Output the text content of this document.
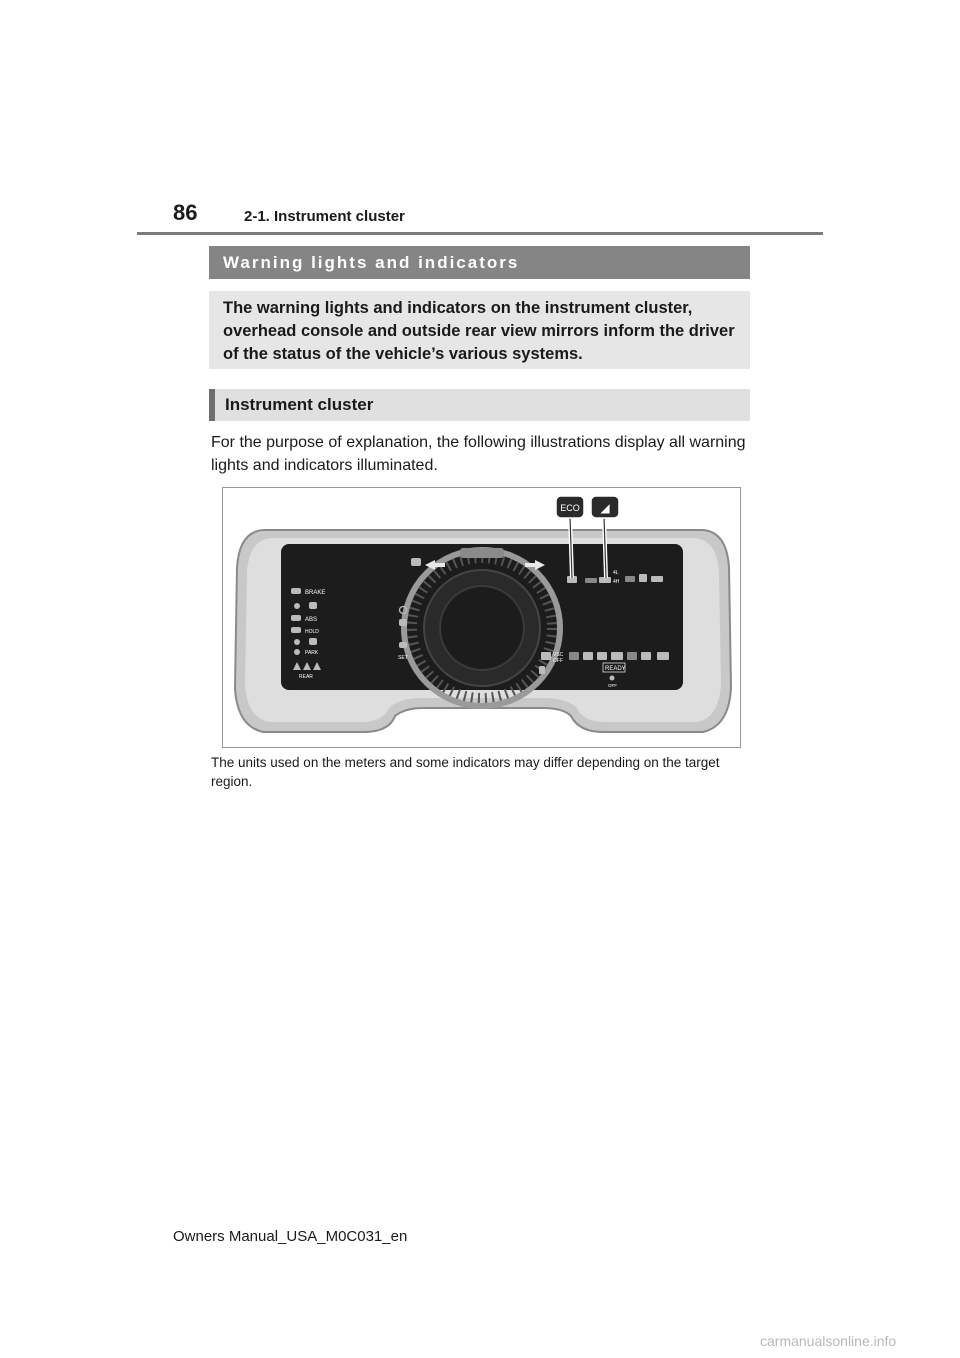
86	2-1. Instrument cluster
Warning lights and indicators
The warning lights and indicators on the instrument cluster, overhead console and outside rear view mirrors inform the driver of the status of the vehicle’s various systems.
Instrument cluster
For the purpose of explanation, the following illustrations display all warning lights and indicators illuminated.
BRAKE
ABS
HOLD
PARK
REAR
SET
4L
4H
VSC
OFF
READY
OFF
ECO ◢
The units used on the meters and some indicators may differ depending on the target region.
Owners Manual_USA_M0C031_en
carmanualsonline.info
